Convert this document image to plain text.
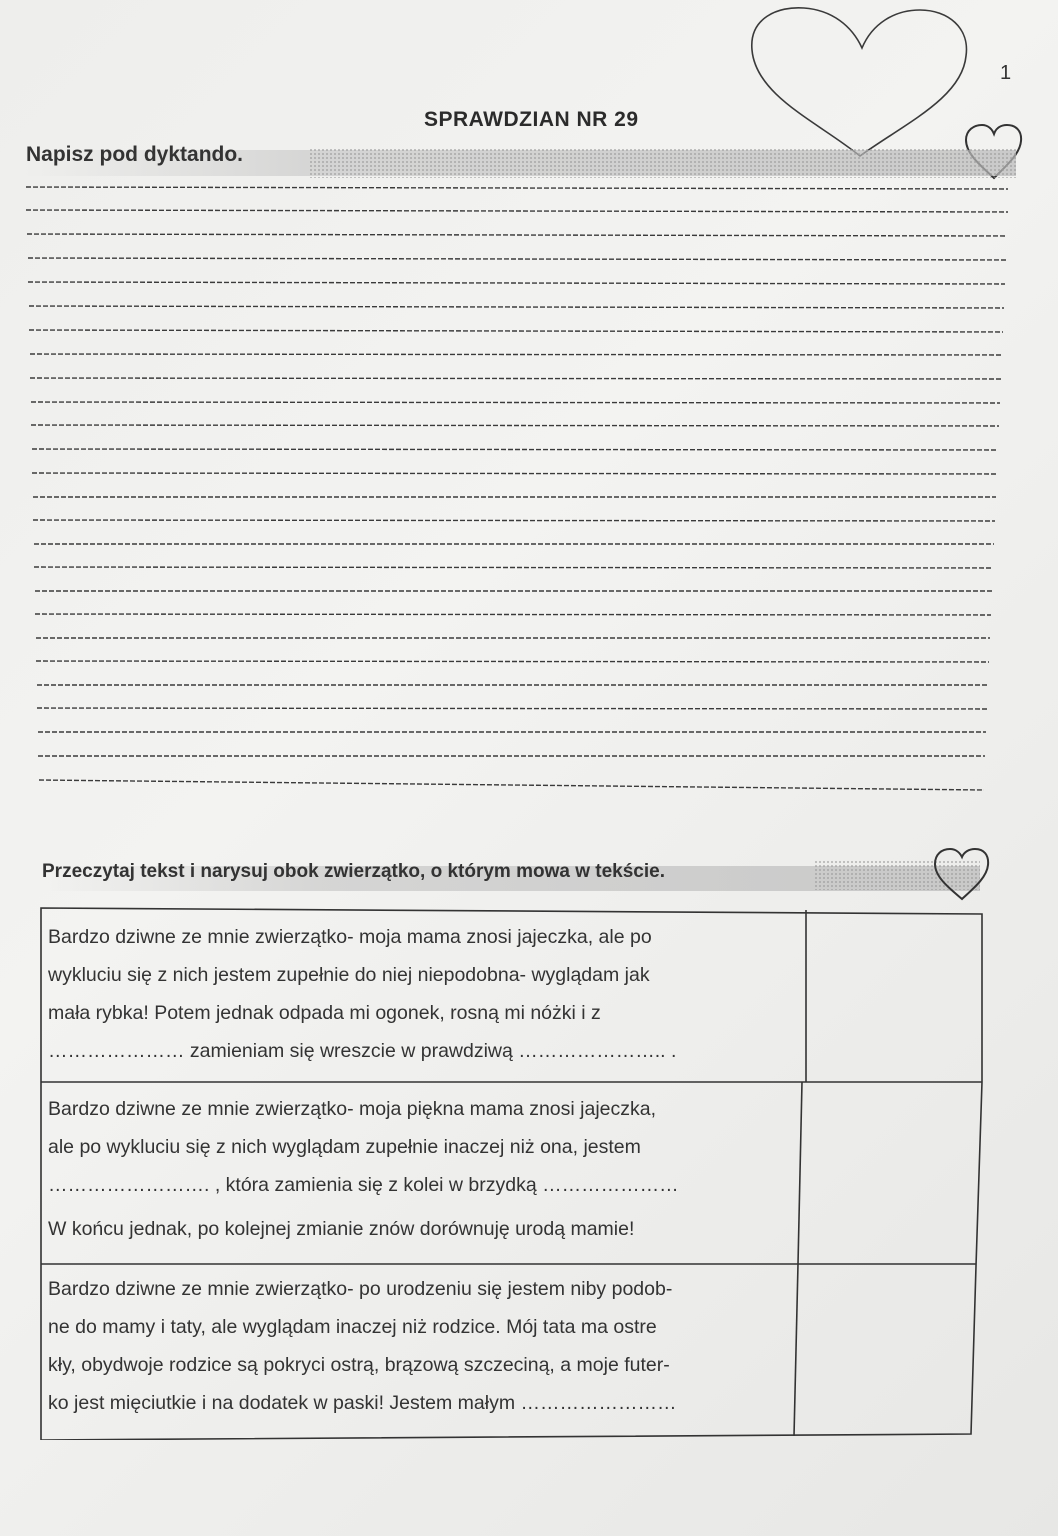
1
SPRAWDZIAN NR 29
Napisz pod dyktando.
Przeczytaj tekst i narysuj obok zwierzątko, o którym mowa w tekście.
Bardzo dziwne ze mnie zwierzątko- moja mama znosi jajeczka, ale po
wykluciu się z nich jestem zupełnie do niej niepodobna- wyglądam jak
mała rybka! Potem jednak odpada mi ogonek, rosną mi nóżki i z
………………… zamieniam się wreszcie w prawdziwą ………………….. .
Bardzo dziwne ze mnie zwierzątko- moja piękna mama znosi jajeczka,
ale po wykluciu się z nich wyglądam zupełnie inaczej niż ona, jestem
……………………. , która zamienia się z kolei w brzydką …………………
W końcu jednak, po kolejnej zmianie znów dorównuję urodą mamie!
Bardzo dziwne ze mnie zwierzątko- po urodzeniu się jestem niby podob-
ne do mamy i taty, ale wyglądam inaczej niż rodzice. Mój tata ma ostre
kły, obydwoje rodzice są pokryci ostrą, brązową szczeciną, a moje futer-
ko jest mięciutkie i na dodatek w paski! Jestem małym ……………………
